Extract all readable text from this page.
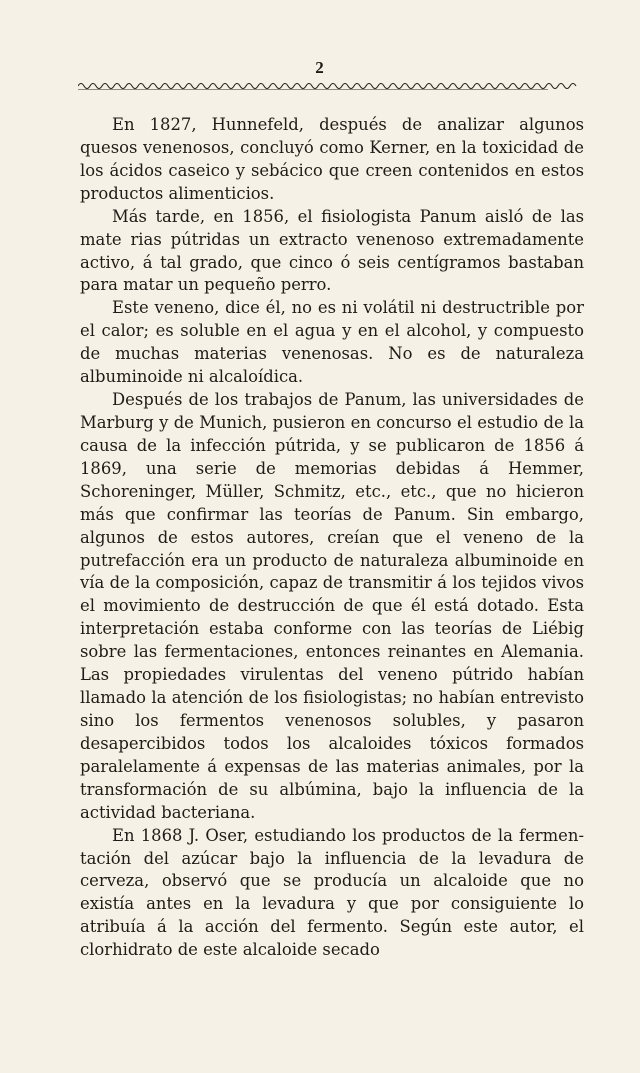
2

En 1827, Hunnefeld, después de analizar algunos quesos venenosos, concluyó como Kerner, en la toxicidad de los ácidos caseico y sebácico que creen contenidos en estos productos alimenticios.

Más tarde, en 1856, el fisiologista Panum aisló de las mate rias pútridas un extracto venenoso extremadamente activo, á tal grado, que cinco ó seis centígramos bastaban para matar un pequeño perro.

Este veneno, dice él, no es ni volátil ni destructrible por el calor; es soluble en el agua y en el alcohol, y compuesto de muchas materias venenosas. No es de naturaleza albuminoide ni alcaloídica.

Después de los trabajos de Panum, las universidades de Marburg y de Munich, pusieron en concurso el estudio de la causa de la infección pútrida, y se publicaron de 1856 á 1869, una serie de memorias debidas á Hemmer, Schoreninger, Müller, Schmitz, etc., etc., que no hicieron más que confirmar las teorías de Panum. Sin embargo, algunos de estos autores, creían que el veneno de la putrefacción era un producto de naturaleza albuminoide en vía de la composición, capaz de transmitir á los tejidos vivos el movimiento de destrucción de que él está dotado. Esta interpretación estaba conforme con las teorías de Liébig sobre las fermentaciones, entonces reinantes en Alemania. Las propiedades virulentas del veneno pútrido habían llamado la atención de los fisiologistas; no habían entrevisto sino los fermentos venenosos solubles, y pasaron desapercibidos todos los alcaloides tóxicos formados paralelamente á expensas de las materias animales, por la transformación de su albúmina, bajo la influencia de la actividad bacteriana.

En 1868 J. Oser, estudiando los productos de la fermentación del azúcar bajo la influencia de la levadura de cerveza, observó que se producía un alcaloide que no existía antes en la levadura y que por consiguiente lo atribuía á la acción del fermento. Según este autor, el clorhidrato de este alcaloide secado
